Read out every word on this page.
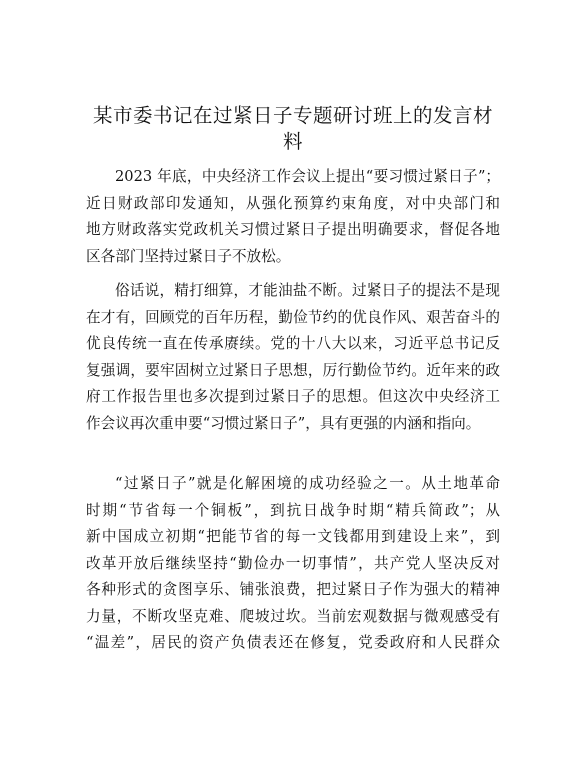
某市委书记在过紧日子专题研讨班上的发言材
料
2023 年底，中央经济工作会议上提出“要习惯过紧日子”；
近日财政部印发通知，从强化预算约束角度，对中央部门和
地方财政落实党政机关习惯过紧日子提出明确要求，督促各地
区各部门坚持过紧日子不放松。
俗话说，精打细算，才能油盐不断。过紧日子的提法不是现
在才有，回顾党的百年历程，勤俭节约的优良作风、艰苦奋斗的
优良传统一直在传承赓续。党的十八大以来，习近平总书记反
复强调，要牢固树立过紧日子思想，厉行勤俭节约。近年来的政
府工作报告里也多次提到过紧日子的思想。但这次中央经济工
作会议再次重申要“习惯过紧日子”，具有更强的内涵和指向。
“过紧日子”就是化解困境的成功经验之一。从土地革命
时期“节省每一个铜板”，到抗日战争时期“精兵简政”；从
新中国成立初期“把能节省的每一文钱都用到建设上来”，到
改革开放后继续坚持“勤俭办一切事情”，共产党人坚决反对
各种形式的贪图享乐、铺张浪费，把过紧日子作为强大的精神
力量，不断攻坚克难、爬坡过坎。当前宏观数据与微观感受有
“温差”，居民的资产负债表还在修复，党委政府和人民群众
